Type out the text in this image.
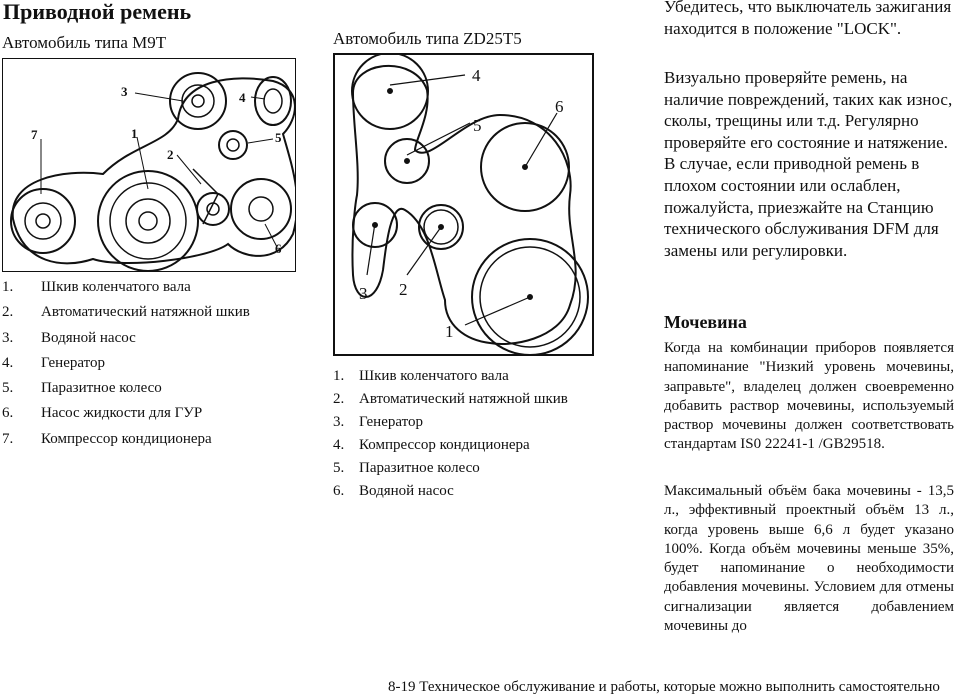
Приводной ремень
Автомобиль типа M9T
3	4
1
2
5
7
6
1. Шкив коленчатого вала
2. Автоматический натяжной шкив
3. Водяной насос
4. Генератор
5. Паразитное колесо
6. Насос жидкости для ГУР
7. Компрессор кондиционера
Автомобиль типа ZD25T5
4
5
6
3 2
1
1. Шкив коленчатого вала
2. Автоматический натяжной шкив
3. Генератор
4. Компрессор кондиционера
5. Паразитное колесо
6. Водяной насос
Убедитесь, что выключатель зажигания находится в положение "LOCK".
Визуально проверяйте ремень, на наличие повреждений, таких как износ, сколы, трещины или т.д. Регулярно проверяйте его состояние и натяжение. В случае, если приводной ремень в плохом состоянии или ослаблен, пожалуйста, приезжайте на Станцию технического обслуживания DFM для замены или регулировки.
Мочевина
Когда на комбинации приборов появляется напоминание "Низкий уровень мочевины, заправьте", владелец должен своевременно добавить раствор мочевины, используемый раствор мочевины должен соответствовать стандартам IS0 22241-1 /GB29518.
Максимальный объём бака мочевины - 13,5 л., эффективный проектный объём 13 л., когда уровень выше 6,6 л будет указано 100%. Когда объём мочевины меньше 35%, будет напоминание о необходимости добавления мочевины. Условием для отмены сигнализации является добавлением мочевины до
8-19 Техническое обслуживание и работы, которые можно выполнить самостоятельно
